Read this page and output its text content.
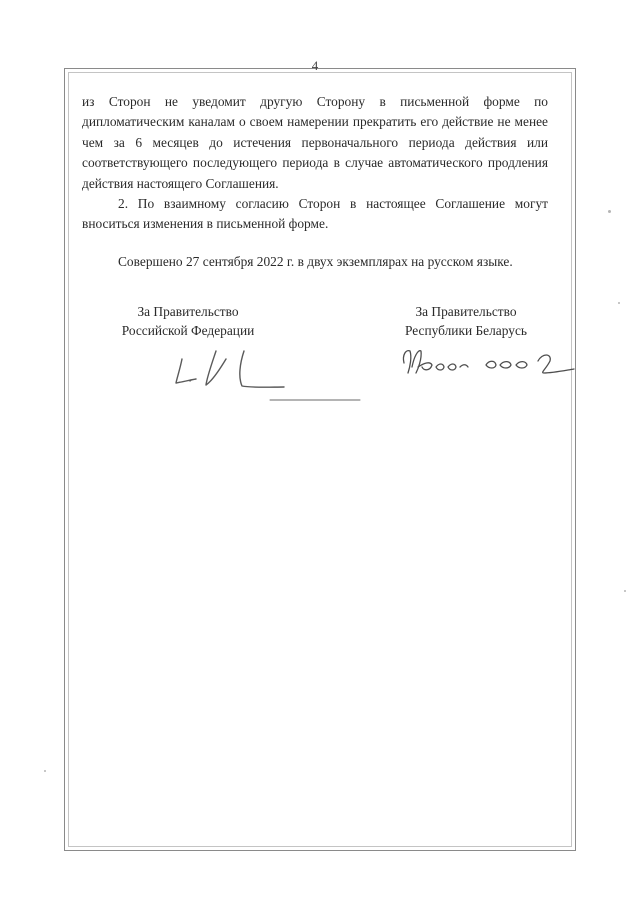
4

из Сторон не уведомит другую Сторону в письменной форме по дипломатическим каналам о своем намерении прекратить его действие не менее чем за 6 месяцев до истечения первоначального периода действия или соответствующего последующего периода в случае автоматического продления действия настоящего Соглашения.

2. По взаимному согласию Сторон в настоящее Соглашение могут вноситься изменения в письменной форме.

Совершено 27 сентября 2022 г. в двух экземплярах на русском языке.

За Правительство
Российской Федерации
За Правительство
Республики Беларусь
